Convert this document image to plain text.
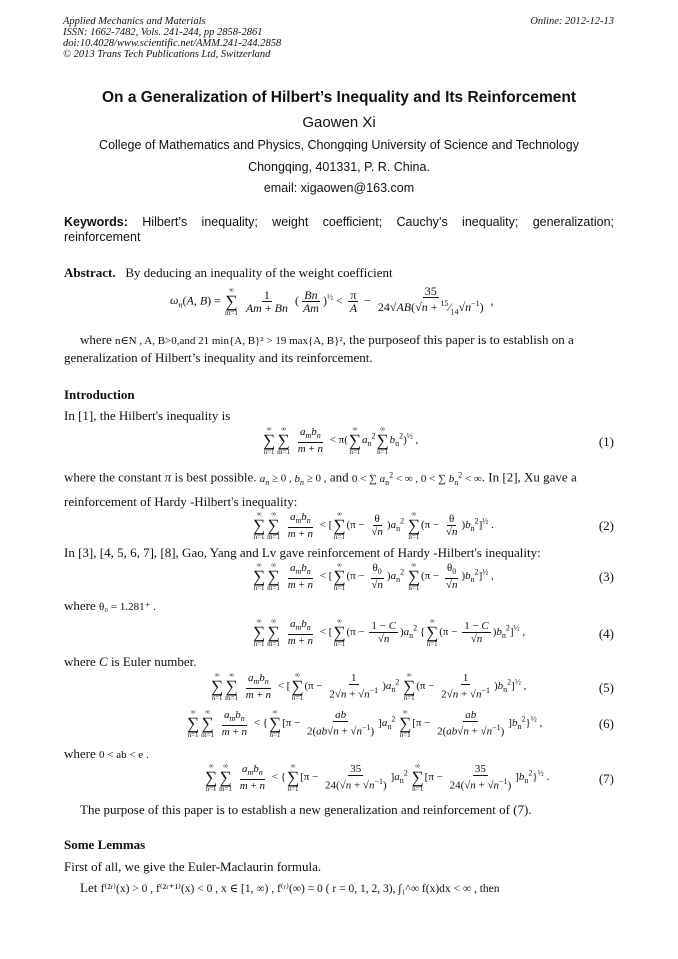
Applied Mechanics and Materials
ISSN: 1662-7482, Vols. 241-244, pp 2858-2861
doi:10.4028/www.scientific.net/AMM.241-244.2858
© 2013 Trans Tech Publications Ltd, Switzerland
Online: 2012-12-13
On a Generalization of Hilbert’s Inequality and Its Reinforcement
Gaowen Xi
College of Mathematics and Physics, Chongqing University of Science and Technology
Chongqing, 401331, P. R. China.
email: xigaowen@163.com
Keywords: Hilbert’s inequality; weight coefficient; Cauchy’s inequality; generalization;
reinforcement
Abstract. By deducing an inequality of the weight coefficient
$\omega_n(A$, B) =
∞
∑
m=1
$\frac{1}{Am + Bn}$ ( $\frac{Bn}{Am} )^{\frac{1}{2}} < \frac{\pi}{A} - \frac{35}{24√AB(√n + ^{15}⁄_{14}√n^{-1})}$ ,
where n∈N , A, B>0,and 21 min{A, B}² > 19 max{A, B}², the purposeof this paper is to establish on a
generalization of Hilbert’s inequality and its reinforcement.
Introduction
In [1], the Hilbert's inequality is
∞
∑
n=1
∞
∑
m=1
$\frac{a_mb_n}{m + n} < \pi$(
∞
∑
n=1
$a_n^2$
∞
∑
n=1
$b_n^2)^{\frac{1}{2}}$ ,	(1)
where the constant π is best possible. $a_n \ge 0$ , $b_n \ge 0$ , and 0 < ∑ $a_n^2$ < ∞ , 0 < ∑ $b_n^2$ < ∞. In [2], Xu gave a
reinforcement of Hardy -Hilbert's inequality:
∞
∑
n=1
∞
∑
m=1
$\frac{a_mb_n}{m + n}$ < [
∞
∑
n=1
$(\pi - \frac{\theta}{√n} )a_n^2$
∞
∑
n=1
$(\pi - \frac{\theta}{√n} )b_n^2]^{\frac{1}{2}}$ .	(2)
In [3], [4, 5, 6, 7], [8], Gao, Yang and Lv gave reinforcement of Hardy -Hilbert's inequality:
∞
∑
n=1
∞
∑
m=1
$\frac{a_mb_n}{m + n}$ < [
∞
∑
n=1
$(\pi - \frac{\theta_0}{√n} )a_n^2$
∞
∑
n=1
$(\pi - \frac{\theta_0}{√n} )b_n^2]^{\frac{1}{2}}$ ,	(3)
where θ₀ = 1.281⁺ .
∞
∑
n=1
∞
∑
m=1
$\frac{a_mb_n}{m + n}$ < [
∞
∑
n=1
$(\pi - \frac{1 - C}{√n} )a_n^2$ {
∞
∑
n=1
$(\pi - \frac{1 - C}{√n} )b_n^2]^{\frac{1}{2}}$ ,	(4)
where C is Euler number.
∞
∑
n=1
∞
∑
m=1
$\frac{a_mb_n}{m + n}$ < [
∞
∑
n=1
$(\pi - \frac{1}{2√n + √n^{-1}} )a_n^2$
∞
∑
n=1
$(\pi - \frac{1}{2√n + √n^{-1}} )b_n^2]^{\frac{1}{2}}$ ,	(5)
∞
∑
n=1
∞
∑
m=1
$\frac{a_mb_n}{m + n}$ < {
∞
∑
n=1
$[\pi - \frac{ab}{2(ab√n + √n^{-1})} ]a_n^2$
∞
∑
n=1
$[\pi - \frac{ab}{2(ab√n + √n^{-1})} ]b_n^2\}^{\frac{1}{2}}$ ,	(6)
where 0 < ab < e .
∞
∑
n=1
∞
∑
m=1
$\frac{a_mb_n}{m + n}$ < {
∞
∑
n=1
$[\pi - \frac{35}{24(√n + √n^{-1})} ]a_n^2$
∞
∑
n=1
$[\pi - \frac{35}{24(√n + √n^{-1})} ]b_n^2\}^{\frac{1}{2}}$ .	(7)
The purpose of this paper is to establish a new generalization and reinforcement of (7).
Some Lemmas
First of all, we give the Euler-Maclaurin formula.
Let f⁽²ʳ⁾(x) > 0 , f⁽²ʳ⁺¹⁾(x) < 0 , x ∈ [1, ∞) , f⁽ʳ⁾(∞) = 0 ( r = 0, 1, 2, 3), ∫₁^∞ f(x)dx < ∞ , then
